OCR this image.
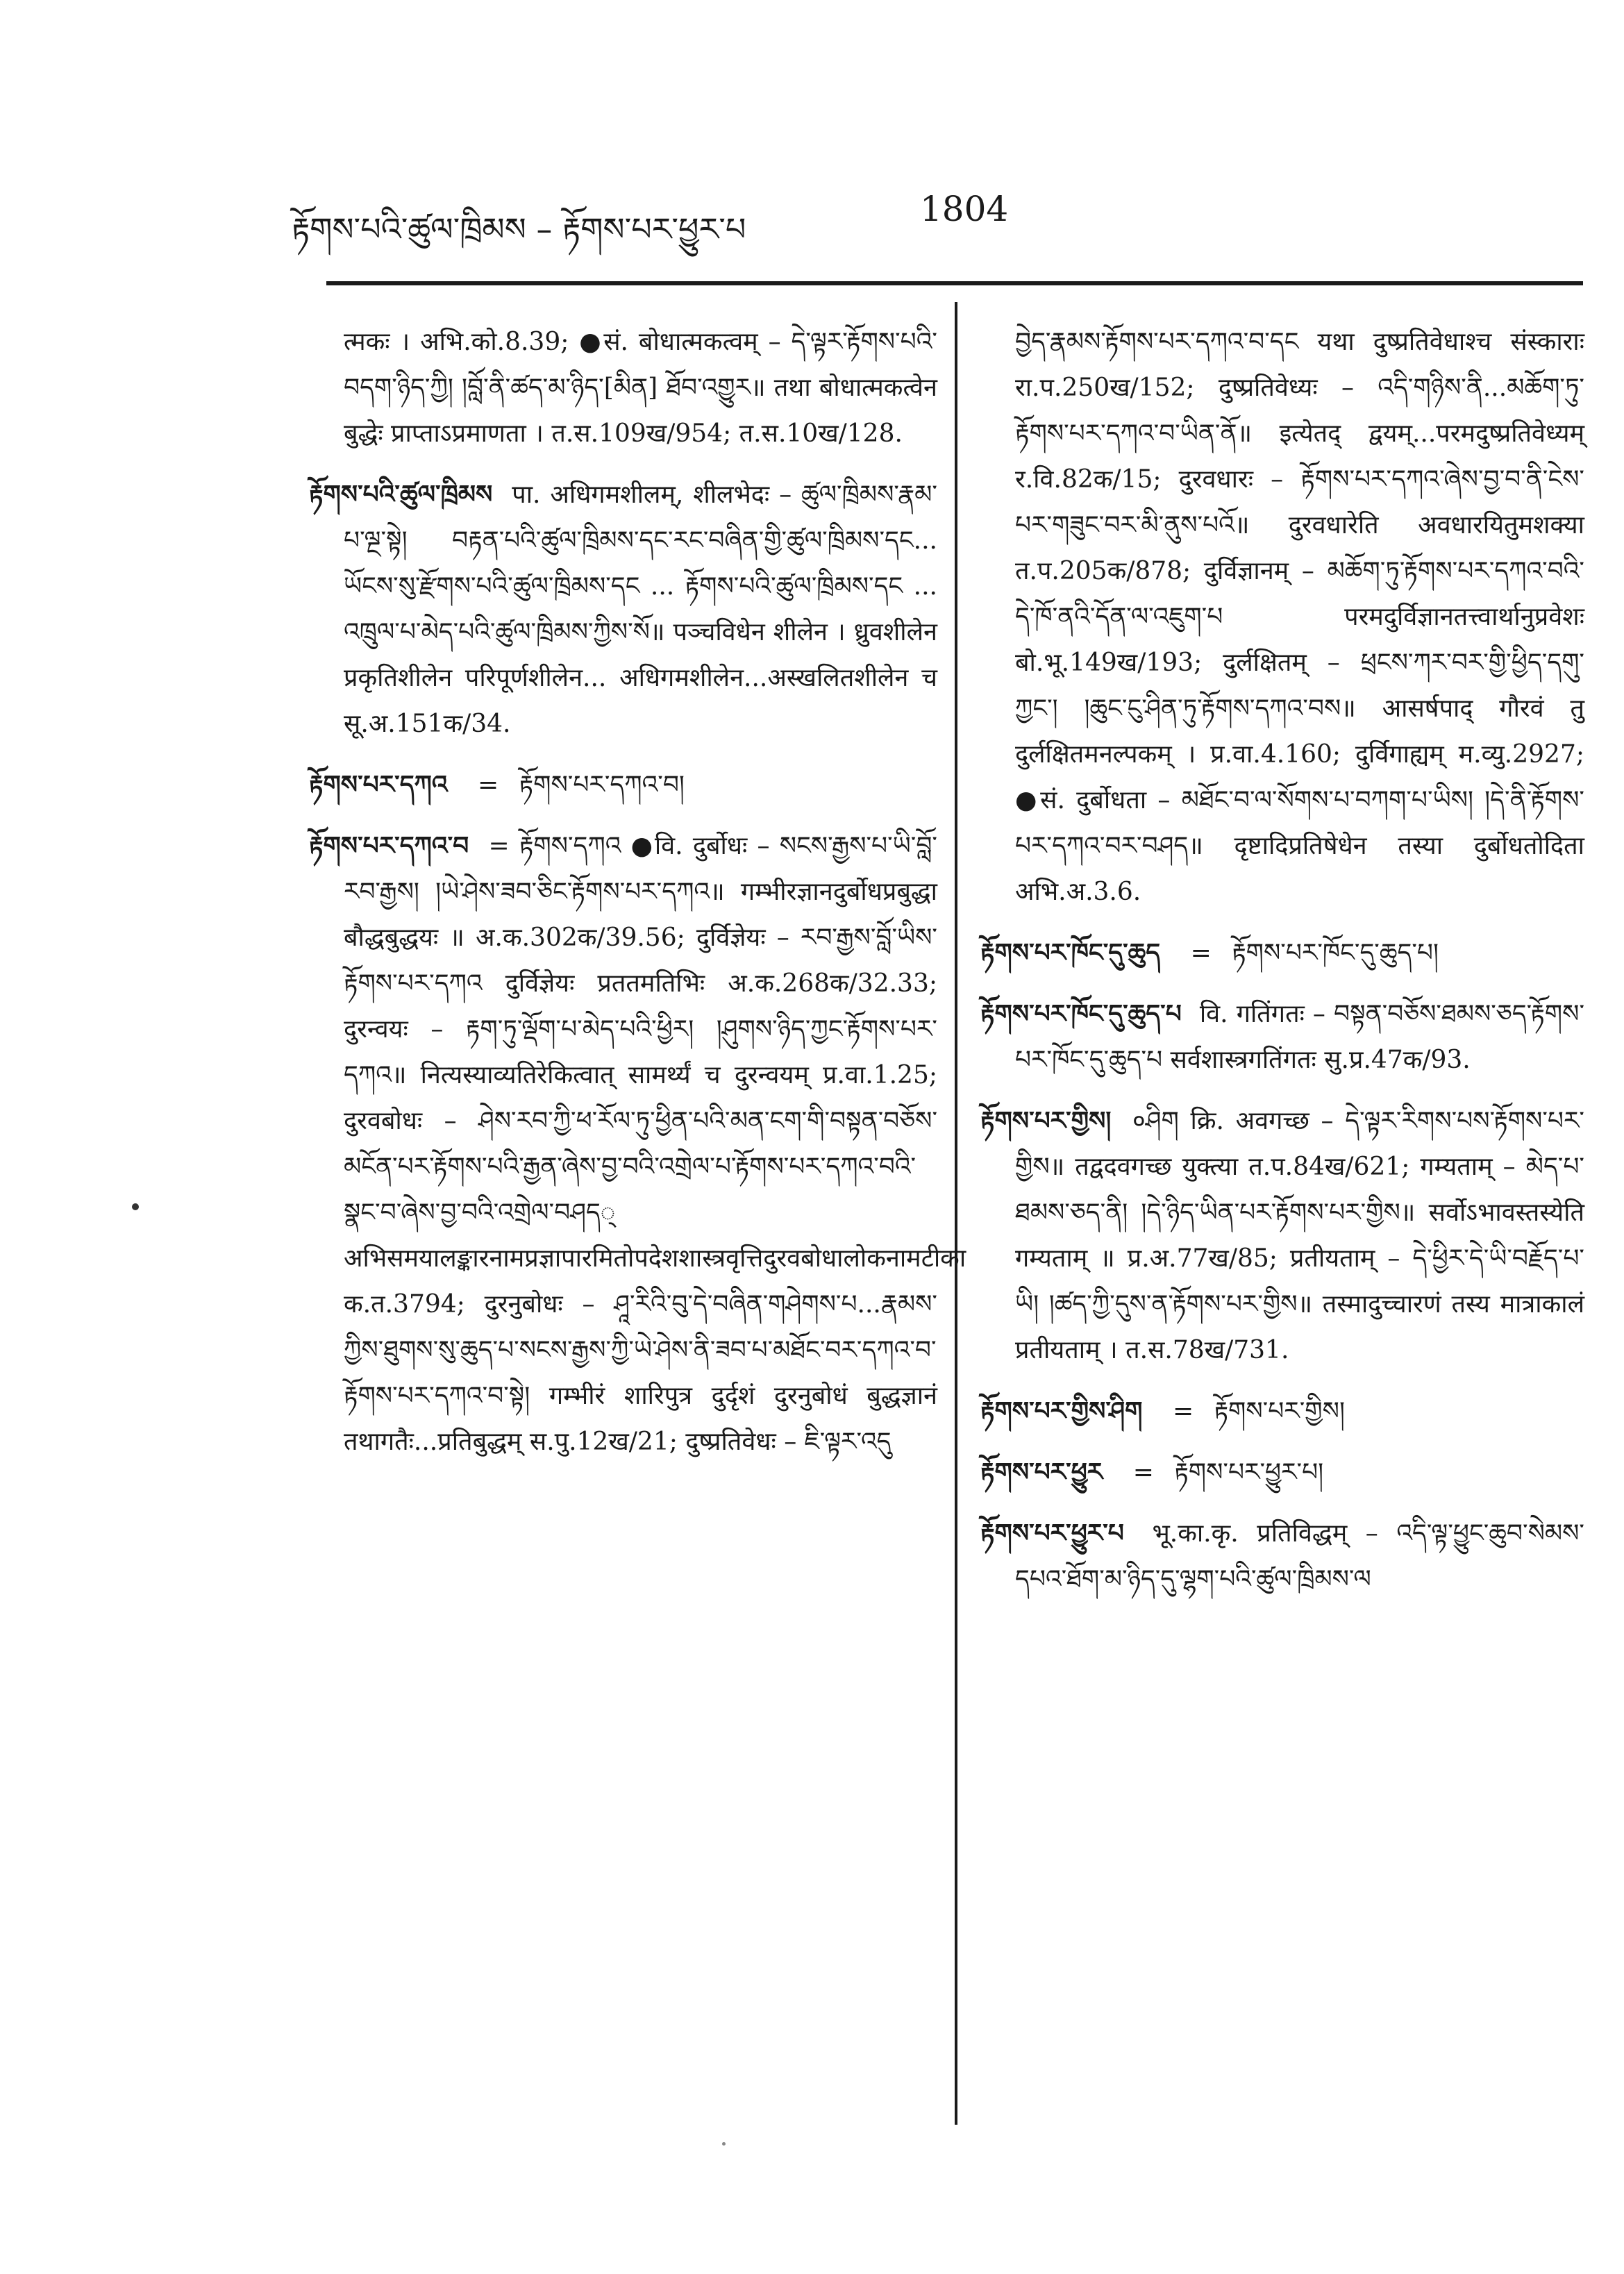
རྟོགས་པའི་ཚུལ་ཁྲིམས – རྟོགས་པར་ཕྱུར་པ	1804

त्मकः । अभि.को.8.39; ●सं. बोधात्मकत्वम् – དེ་ལྟར་རྟོགས་པའི་བདག་ཉིད་ཀྱི། །བློ་ནི་ཚད་མ་ཉིད་[མིན] ཐོབ་འགྱུར॥ तथा बोधात्मकत्वेन बुद्धेः प्राप्ताऽप्रमाणता । त.स.109ख/954; त.स.10ख/128.

རྟོགས་པའི་ཚུལ་ཁྲིམས पा. अधिगमशीलम्, शीलभेदः – ཚུལ་ཁྲིམས་རྣམ་པ་ལྔ་སྟེ། བརྟན་པའི་ཚུལ་ཁྲིམས་དང་རང་བཞིན་གྱི་ཚུལ་ཁྲིམས་དང... ཡོངས་སུ་རྫོགས་པའི་ཚུལ་ཁྲིམས་དང ... རྟོགས་པའི་ཚུལ་ཁྲིམས་དང ... འཁྲུལ་པ་མེད་པའི་ཚུལ་ཁྲིམས་ཀྱིས་སོ॥ पञ्चविधेन शीलेन । ध्रुवशीलेन प्रकृतिशीलेन परिपूर्णशीलेन... अधिगमशीलेन...अस्खलितशीलेन च सू.अ.151क/34.

རྟོགས་པར་དཀའ = རྟོགས་པར་དཀའ་བ།

རྟོགས་པར་དཀའ་བ = རྟོགས་དཀའ ●वि. दुर्बोधः – སངས་རྒྱས་པ་ཡི་བློ་རབ་རྒྱས། །ཡེ་ཤེས་ཟབ་ཅིང་རྟོགས་པར་དཀའ॥ गम्भीरज्ञानदुर्बोधप्रबुद्धा बौद्धबुद्धयः ॥ अ.क.302क/39.56; दुर्विज्ञेयः – རབ་རྒྱས་བློ་ཡིས་རྟོགས་པར་དཀའ दुर्विज्ञेयः प्रततमतिभिः अ.क.268क/32.33; दुरन्वयः – རྟག་ཏུ་ལྡོག་པ་མེད་པའི་ཕྱིར། །ཤུགས་ཉིད་ཀྱང་རྟོགས་པར་དཀའ॥ नित्यस्याव्यतिरेकित्वात् सामर्थ्यं च दुरन्वयम् प्र.वा.1.25; दुरवबोधः – ཤེས་རབ་ཀྱི་ཕ་རོལ་ཏུ་ཕྱིན་པའི་མན་ངག་གི་བསྟན་བཅོས་མངོན་པར་རྟོགས་པའི་རྒྱན་ཞེས་བྱ་བའི་འགྲེལ་པ་རྟོགས་པར་དཀའ་བའི་སྣང་བ་ཞེས་བྱ་བའི་འགྲེལ་བཤད् अभिसमयालङ्कारनामप्रज्ञापारमितोपदेशशास्त्रवृत्तिदुरवबोधालोकनामटीका क.त.3794; दुरनुबोधः – ཤཱ་རིའི་བུ་དེ་བཞིན་གཤེགས་པ...རྣམས་ཀྱིས་ཐུགས་སུ་ཆུད་པ་སངས་རྒྱས་ཀྱི་ཡེ་ཤེས་ནི་ཟབ་པ་མཐོང་བར་དཀའ་བ་རྟོགས་པར་དཀའ་བ་སྟེ། गम्भीरं शारिपुत्र दुर्दृशं दुरनुबोधं बुद्धज्ञानं तथागतैः...प्रतिबुद्धम् स.पु.12ख/21; दुष्प्रतिवेधः – ཇི་ལྟར་འདུ

བྱེད་རྣམས་རྟོགས་པར་དཀའ་བ་དང यथा दुष्प्रतिवेधाश्च संस्काराः रा.प.250ख/152; दुष्प्रतिवेध्यः – འདི་གཉིས་ནི...མཆོག་ཏུ་རྟོགས་པར་དཀའ་བ་ཡིན་ནོ॥ इत्येतद् द्वयम्...परमदुष्प्रतिवेध्यम् र.वि.82क/15; दुरवधारः – རྟོགས་པར་དཀའ་ཞེས་བྱ་བ་ནི་ངེས་པར་གཟུང་བར་མི་ནུས་པའོ॥ दुरवधारेति अवधारयितुमशक्या त.प.205क/878; दुर्विज्ञानम् – མཆོག་ཏུ་རྟོགས་པར་དཀའ་བའི་དེ་ཁོ་ནའི་དོན་ལ་འཇུག་པ परमदुर्विज्ञानतत्त्वार्थानुप्रवेशः बो.भू.149ख/193; दुर्लक्षितम् – ཕྲངས་ཀར་བར་གྱི་ཕྱིད་དགུ་ཀྱང་། །ཆུང་ངུ་ཤིན་ཏུ་རྟོགས་དཀའ་བས॥ आसर्षपाद् गौरवं तु दुर्लक्षितमनल्पकम् । प्र.वा.4.160; दुर्विगाह्यम् म.व्यु.2927; ●सं. दुर्बोधता – མཐོང་བ་ལ་སོགས་པ་བཀག་པ་ཡིས། །དེ་ནི་རྟོགས་པར་དཀའ་བར་བཤད॥ दृष्टादिप्रतिषेधेन तस्या दुर्बोधतोदिता अभि.अ.3.6.

རྟོགས་པར་ཁོང་དུ་ཆུད = རྟོགས་པར་ཁོང་དུ་ཆུད་པ།

རྟོགས་པར་ཁོང་དུ་ཆུད་པ वि. गतिंगतः – བསྟན་བཅོས་ཐམས་ཅད་རྟོགས་པར་ཁོང་དུ་ཆུད་པ सर्वशास्त्रगतिंगतः सु.प्र.47क/93.

རྟོགས་པར་གྱིས། ०ཤིག क्रि. अवगच्छ – དེ་ལྟར་རིགས་པས་རྟོགས་པར་གྱིས॥ तद्वदवगच्छ युक्त्या त.प.84ख/621; गम्यताम् – མེད་པ་ཐམས་ཅད་ནི། །དེ་ཉིད་ཡིན་པར་རྟོགས་པར་གྱིས॥ सर्वोऽभावस्तस्येति गम्यताम् ॥ प्र.अ.77ख/85; प्रतीयताम् – དེ་ཕྱིར་དེ་ཡི་བརྗོད་པ་ཡི། །ཚད་ཀྱི་དུས་ན་རྟོགས་པར་གྱིས॥ तस्मादुच्चारणं तस्य मात्राकालं प्रतीयताम् । त.स.78ख/731.

རྟོགས་པར་གྱིས་ཤིག = རྟོགས་པར་གྱིས།

རྟོགས་པར་ཕྱུར = རྟོགས་པར་ཕྱུར་པ།

རྟོགས་པར་ཕྱུར་པ भू.का.कृ. प्रतिविद्धम् – འདི་ལྟ་ཕྱུང་ཆུབ་སེམས་དཔའ་ཐོག་མ་ཉིད་དུ་ལྷག་པའི་ཚུལ་ཁྲིམས་ལ
